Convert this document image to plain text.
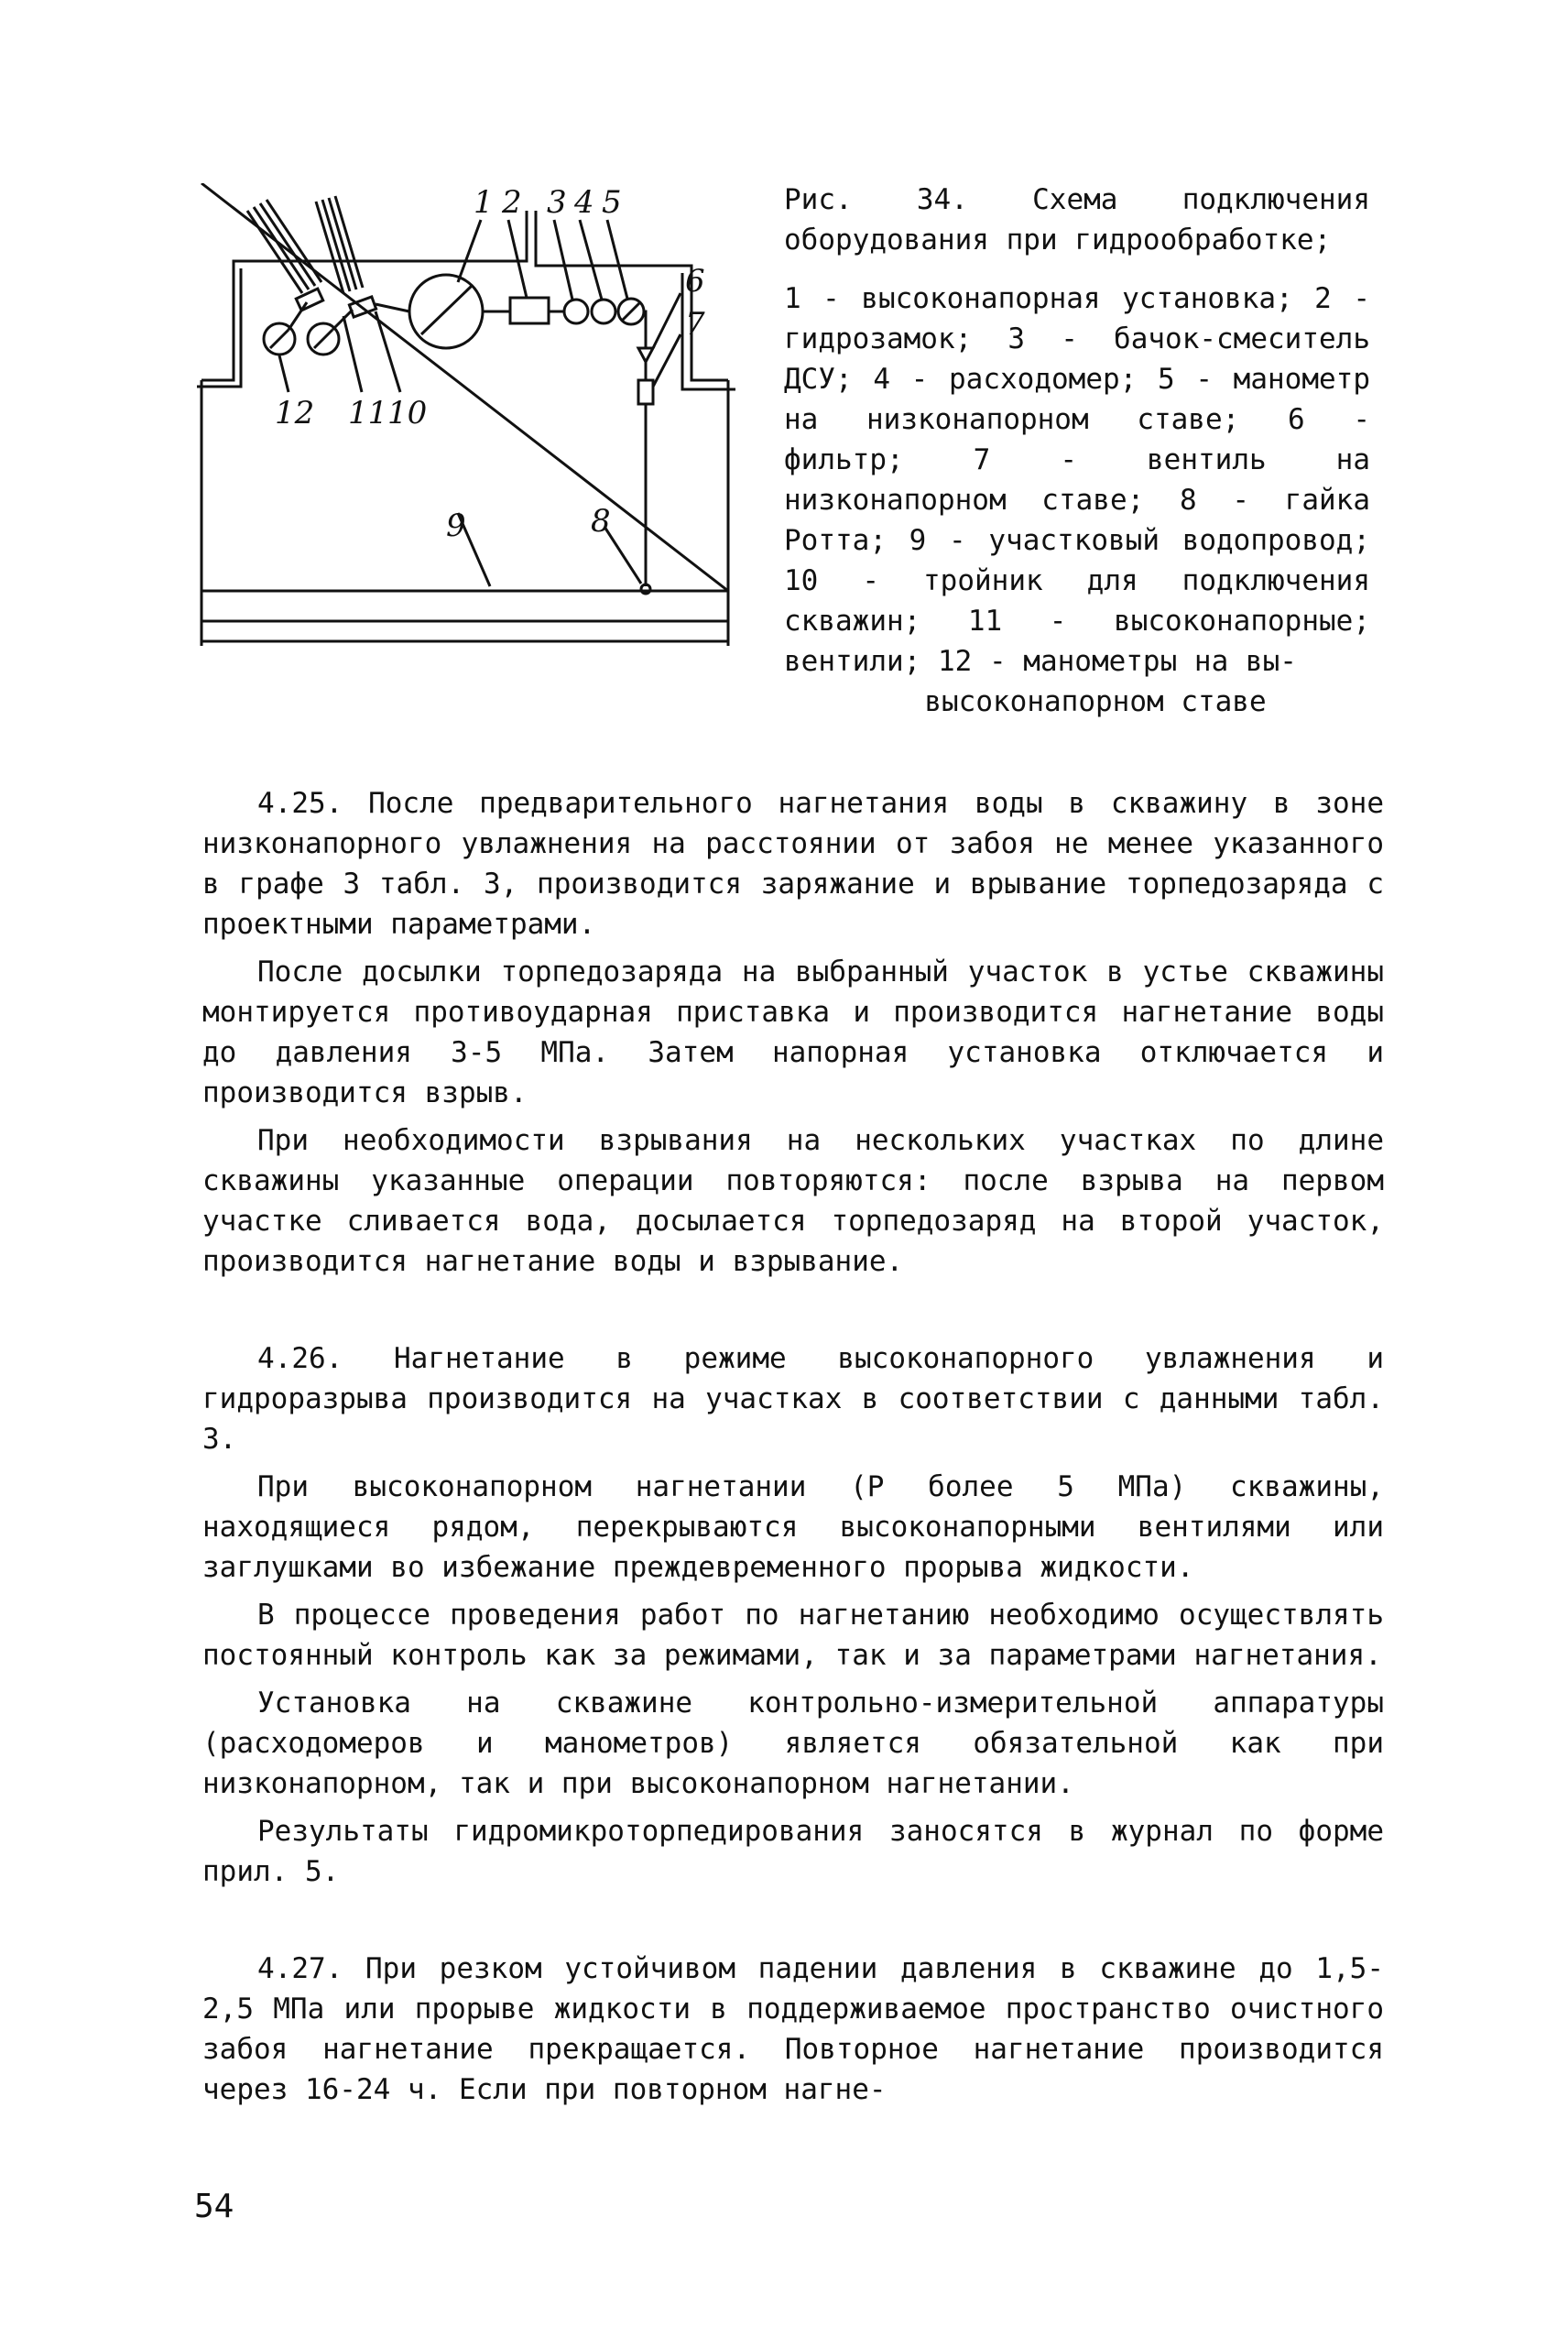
1 2 3 4 5
6
7
8
9
10
11
12
Рис. 34. Схема подключения оборудования при гидрообработке;
1 - высоконапорная установка; 2 - гидрозамок; 3 - бачок-смеситель ДСУ; 4 - расходомер; 5 - манометр на низконапорном ставе; 6 - фильтр; 7 - вентиль на низконапорном ставе; 8 - гайка Ротта; 9 - участковый водопровод; 10 - тройник для подключения скважин; 11 - высоконапорные; вентили; 12 - манометры на вы-
высоконапорном ставе

4.25. После предварительного нагнетания воды в скважину в зоне низконапорного увлажнения на расстоянии от забоя не менее указанного в графе 3 табл. 3, производится заряжание и врывание торпедозаряда с проектными параметрами.

После досылки торпедозаряда на выбранный участок в устье скважины монтируется противоударная приставка и производится нагнетание воды до давления 3-5 МПа. Затем напорная установка отключается и производится взрыв.

При необходимости взрывания на нескольких участках по длине скважины указанные операции повторяются: после взрыва на первом участке сливается вода, досылается торпедозаряд на второй участок, производится нагнетание воды и взрывание.

4.26. Нагнетание в режиме высоконапорного увлажнения и гидроразрыва производится на участках в соответствии с данными табл. 3.

При высоконапорном нагнетании (Р более 5 МПа) скважины, находящиеся рядом, перекрываются высоконапорными вентилями или заглушками во избежание преждевременного прорыва жидкости.

В процессе проведения работ по нагнетанию необходимо осуществлять постоянный контроль как за режимами, так и за параметрами нагнетания.

Установка на скважине контрольно-измерительной аппаратуры (расходомеров и манометров) является обязательной как при низконапорном, так и при высоконапорном нагнетании.

Результаты гидромикроторпедирования заносятся в журнал по форме прил. 5.

4.27. При резком устойчивом падении давления в скважине до 1,5-2,5 МПа или прорыве жидкости в поддерживаемое пространство очистного забоя нагнетание прекращается. Повторное нагнетание производится через 16-24 ч. Если при повторном нагне-

54
